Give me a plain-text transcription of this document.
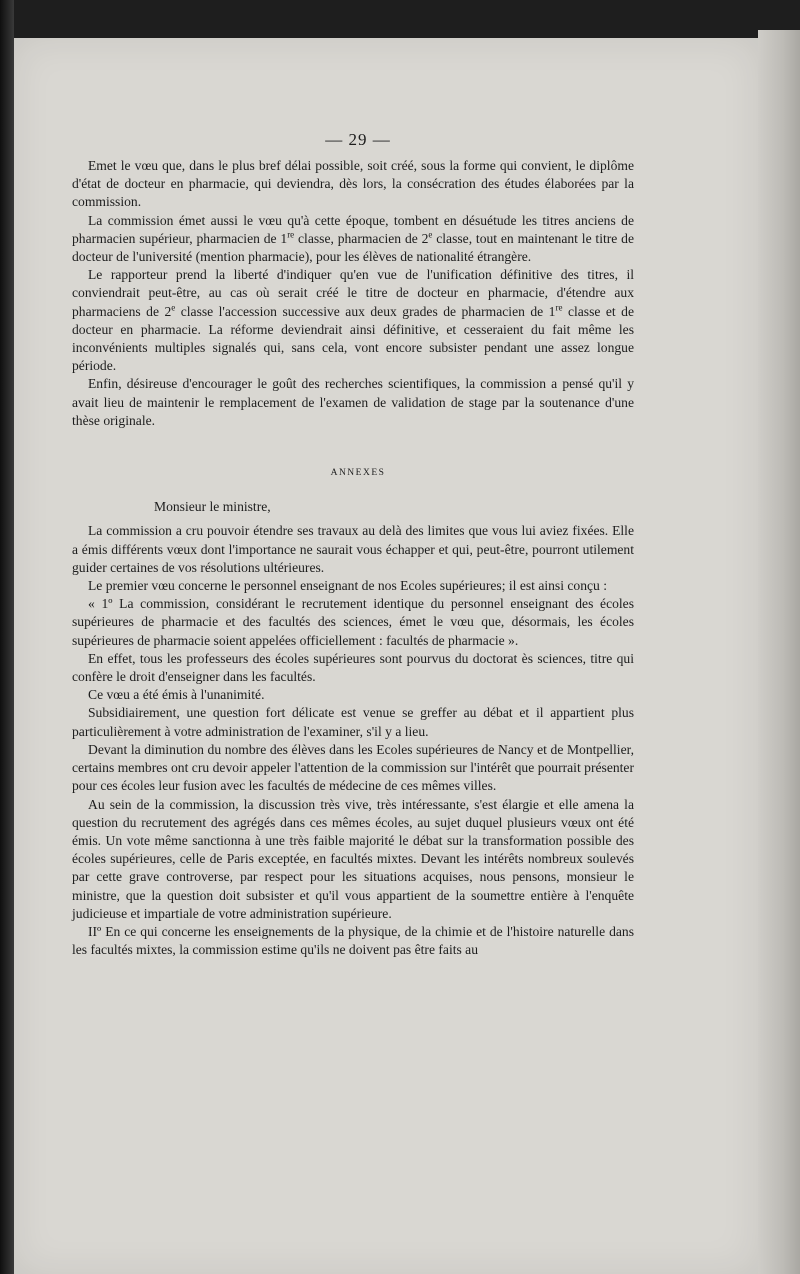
— 29 —

Emet le vœu que, dans le plus bref délai possible, soit créé, sous la forme qui convient, le diplôme d'état de docteur en pharmacie, qui deviendra, dès lors, la consécration des études élaborées par la commission.

La commission émet aussi le vœu qu'à cette époque, tombent en désuétude les titres anciens de pharmacien supérieur, pharmacien de 1re classe, pharmacien de 2e classe, tout en maintenant le titre de docteur de l'université (mention pharmacie), pour les élèves de nationalité étrangère.

Le rapporteur prend la liberté d'indiquer qu'en vue de l'unification définitive des titres, il conviendrait peut-être, au cas où serait créé le titre de docteur en pharmacie, d'étendre aux pharmaciens de 2e classe l'accession successive aux deux grades de pharmacien de 1re classe et de docteur en pharmacie. La réforme deviendrait ainsi définitive, et cesseraient du fait même les inconvénients multiples signalés qui, sans cela, vont encore subsister pendant une assez longue période.

Enfin, désireuse d'encourager le goût des recherches scientifiques, la commission a pensé qu'il y avait lieu de maintenir le remplacement de l'examen de validation de stage par la soutenance d'une thèse originale.

ANNEXES

Monsieur le ministre,

La commission a cru pouvoir étendre ses travaux au delà des limites que vous lui aviez fixées. Elle a émis différents vœux dont l'importance ne saurait vous échapper et qui, peut-être, pourront utilement guider certaines de vos résolutions ultérieures.

Le premier vœu concerne le personnel enseignant de nos Ecoles supérieures; il est ainsi conçu :

« 1º La commission, considérant le recrutement identique du personnel enseignant des écoles supérieures de pharmacie et des facultés des sciences, émet le vœu que, désormais, les écoles supérieures de pharmacie soient appelées officiellement : facultés de pharmacie ».

En effet, tous les professeurs des écoles supérieures sont pourvus du doctorat ès sciences, titre qui confère le droit d'enseigner dans les facultés.

Ce vœu a été émis à l'unanimité.

Subsidiairement, une question fort délicate est venue se greffer au débat et il appartient plus particulièrement à votre administration de l'examiner, s'il y a lieu.

Devant la diminution du nombre des élèves dans les Ecoles supérieures de Nancy et de Montpellier, certains membres ont cru devoir appeler l'attention de la commission sur l'intérêt que pourrait présenter pour ces écoles leur fusion avec les facultés de médecine de ces mêmes villes.

Au sein de la commission, la discussion très vive, très intéressante, s'est élargie et elle amena la question du recrutement des agrégés dans ces mêmes écoles, au sujet duquel plusieurs vœux ont été émis. Un vote même sanctionna à une très faible majorité le débat sur la transformation possible des écoles supérieures, celle de Paris exceptée, en facultés mixtes. Devant les intérêts nombreux soulevés par cette grave controverse, par respect pour les situations acquises, nous pensons, monsieur le ministre, que la question doit subsister et qu'il vous appartient de la soumettre entière à l'enquête judicieuse et impartiale de votre administration supérieure.

IIº En ce qui concerne les enseignements de la physique, de la chimie et de l'histoire naturelle dans les facultés mixtes, la commission estime qu'ils ne doivent pas être faits au
